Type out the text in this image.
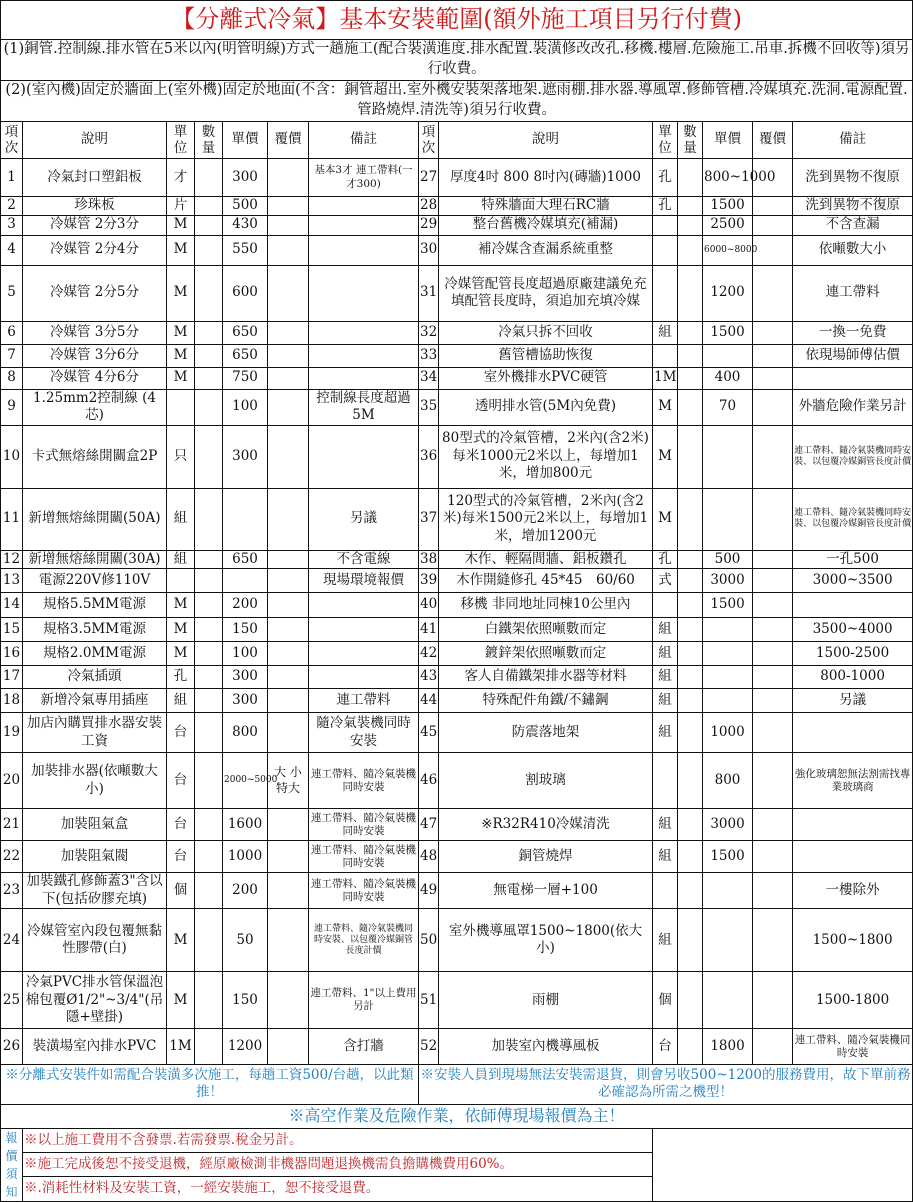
【分離式冷氣】基本安裝範圍(額外施工項目另行付費)													
(1)銅管.控制線.排水管在5米以內(明管明線)方式一趟施工(配合裝潢進度.排水配置.裝潢修改改孔.移機.樓層.危險施工.吊車.拆機不回收等)須另行收費。													
(2)(室內機)固定於牆面上(室外機)固定於地面(不含：銅管超出.室外機安裝架落地架.遮雨棚.排水器.導風罩.修飾管槽.冷媒填充.洗洞.電源配置.管路燒焊.清洗等)須另行收費。													
項次	說明	單位	數量	單價	覆價	備註	項次	說明	單位	數量	單價	覆價	備註
1	冷氣封口塑鋁板	才		300		基本3才 連工帶料(一才300)	27	厚度4吋 800 8吋內(磚牆)1000	孔		800~1000		洗到異物不復原
2	珍珠板	片		500			28	特殊牆面大理石RC牆	孔		1500		洗到異物不復原
3	冷媒管 2分3分	M		430			29	整台舊機冷媒填充(補漏)			2500		不含查漏
4	冷媒管 2分4分	M		550			30	補冷媒含查漏系統重整			6000~8000		依噸數大小
5	冷媒管 2分5分	M		600			31	冷媒管配管長度超過原廠建議免充填配管長度時，須追加充填冷媒			1200		連工帶料
6	冷媒管 3分5分	M		650			32	冷氣只拆不回收	組		1500		一換一免費
7	冷媒管 3分6分	M		650			33	舊管槽協助恢復					依現場師傅估價
8	冷媒管 4分6分	M		750			34	室外機排水PVC硬管	1M		400		
9	1.25mm2控制線 (4芯)			100		控制線長度超過5M	35	透明排水管(5M內免費)	M		70		外牆危險作業另計
10	卡式無熔絲開關盒2P	只		300			36	80型式的冷氣管槽，2米內(含2米)每米1000元2米以上，每增加1米，增加800元	M				連工帶料、隨冷氣裝機同時安裝、以包覆冷媒銅管長度計價
11	新增無熔絲開關(50A)	組				另議	37	120型式的冷氣管槽，2米內(含2米)每米1500元2米以上，每增加1米，增加1200元	M				連工帶料、隨冷氣裝機同時安裝、以包覆冷媒銅管長度計價
12	新增無熔絲開關(30A)	組		650		不含電線	38	木作、輕隔間牆、鋁板鑽孔	孔		500		一孔500
13	電源220V修110V					現場環境報價	39	木作開縫修孔 45*45　60/60	式		3000		3000~3500
14	規格5.5MM電源	M		200			40	移機 非同地址同棟10公里內			1500		
15	規格3.5MM電源	M		150			41	白鐵架依照噸數而定	組				3500~4000
16	規格2.0MM電源	M		100			42	鍍鋅架依照噸數而定	組				1500-2500
17	冷氣插頭	孔		300			43	客人自備鐵架排水器等材料	組				800-1000
18	新增冷氣專用插座	組		300		連工帶料	44	特殊配件角鐵/不鏽鋼	組				另議
19	加店內購買排水器安裝工資	台		800		隨冷氣裝機同時安裝	45	防震落地架	組		1000		
20	加裝排水器(依噸數大小)	台		2000~5000	大 小 特大	連工帶料、隨冷氣裝機同時安裝	46	割玻璃			800		強化玻璃恕無法割需找專業玻璃商
21	加裝阻氣盒	台		1600		連工帶料、隨冷氣裝機同時安裝	47	※R32R410冷媒清洗	組		3000		
22	加裝阻氣閥	台		1000		連工帶料、隨冷氣裝機同時安裝	48	銅管燒焊	組		1500		
23	加裝鐵孔修飾蓋3"含以下(包括矽膠充填)	個		200		連工帶料、隨冷氣裝機同時安裝	49	無電梯一層+100					一樓除外
24	冷媒管室內段包覆無黏性膠帶(白)	M		50		連工帶料、隨冷氣裝機同時安裝、以包覆冷媒銅管長度計價	50	室外機導風罩1500~1800(依大小)	組				1500~1800
25	冷氣PVC排水管保溫泡棉包覆Ø1/2"~3/4"(吊隱+壁掛)	M		150		連工帶料、1"以上費用另計	51	雨棚	個				1500-1800
26	裝潢場室內排水PVC	1M		1200		含打牆	52	加裝室內機導風板	台		1800		連工帶料、隨冷氣裝機同時安裝
※分離式安裝件如需配合裝潢多次施工，每趟工資500/台趟，以此類推！		※安裝人員到現場無法安裝需退貨，則會另收500~1200的服務費用，故下單前務必確認為所需之機型！	
※高空作業及危險作業，依師傅現場報價為主！			
報價須知	※以上施工費用不含發票.若需發票.稅金另計。		
	※施工完成後恕不接受退機，經原廠檢測非機器問題退換機需負擔購機費用60%。		
	※.消耗性材料及安裝工資，一經安裝施工，恕不接受退費。		
